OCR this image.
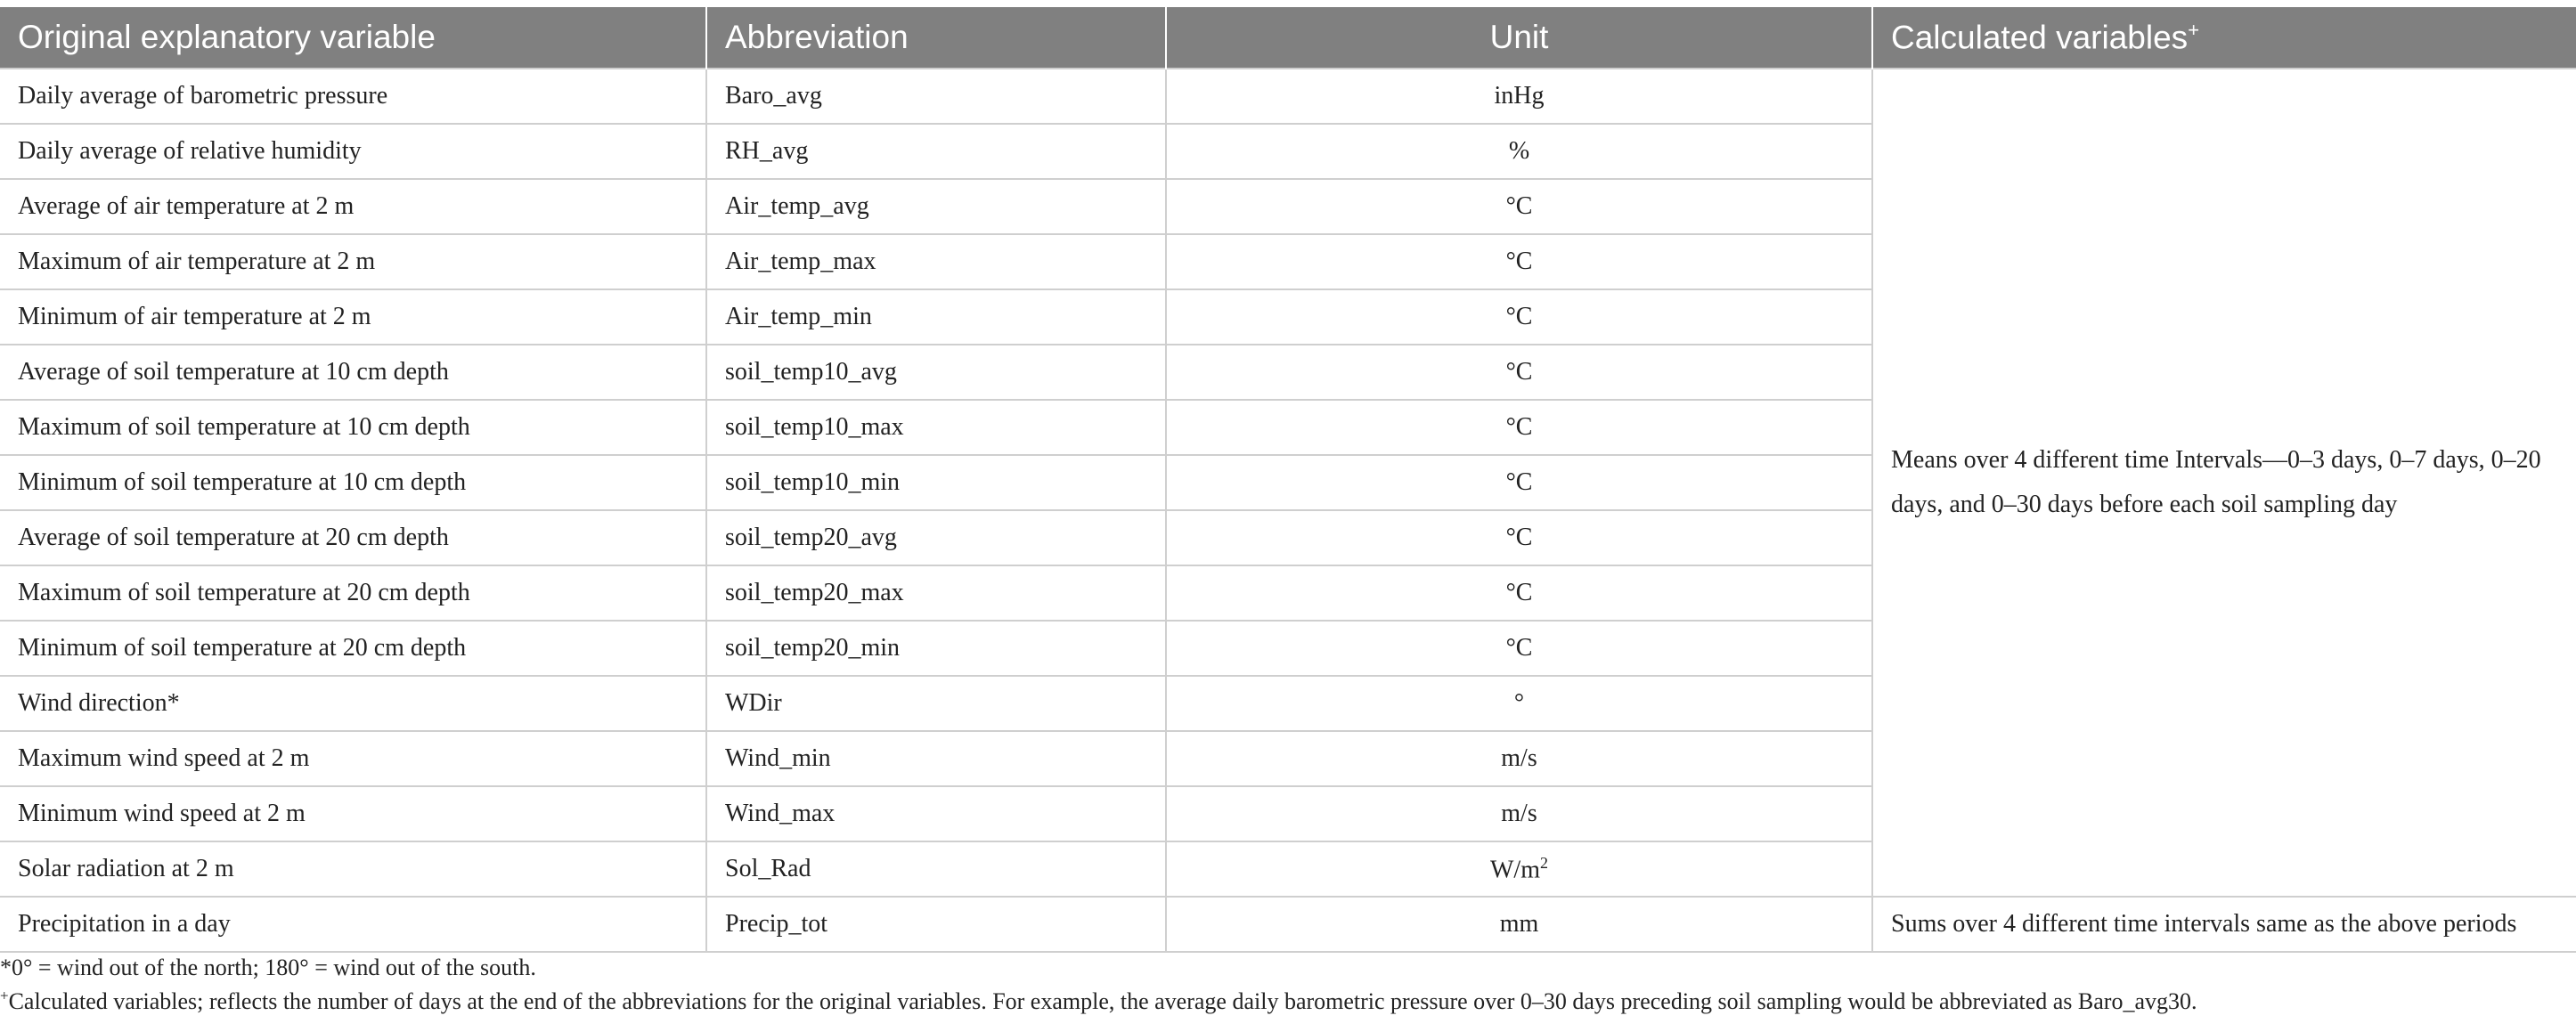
Original explanatory variable	Abbreviation	Unit	Calculated variables+
Daily average of barometric pressure	Baro_avg	inHg	Means over 4 different time Intervals—0–3 days, 0–7 days, 0–20 days, and 0–30 days before each soil sampling day
Daily average of relative humidity	RH_avg	%	
Average of air temperature at 2 m	Air_temp_avg	°C	
Maximum of air temperature at 2 m	Air_temp_max	°C	
Minimum of air temperature at 2 m	Air_temp_min	°C	
Average of soil temperature at 10 cm depth	soil_temp10_avg	°C	
Maximum of soil temperature at 10 cm depth	soil_temp10_max	°C	
Minimum of soil temperature at 10 cm depth	soil_temp10_min	°C	
Average of soil temperature at 20 cm depth	soil_temp20_avg	°C	
Maximum of soil temperature at 20 cm depth	soil_temp20_max	°C	
Minimum of soil temperature at 20 cm depth	soil_temp20_min	°C	
Wind direction*	WDir	°	
Maximum wind speed at 2 m	Wind_min	m/s	
Minimum wind speed at 2 m	Wind_max	m/s	
Solar radiation at 2 m	Sol_Rad	$W/m^2$
Precipitation in a day	Precip_tot	mm	Sums over 4 different time intervals same as the above periods
*0° = wind out of the north; 180° = wind out of the south.
+Calculated variables; reflects the number of days at the end of the abbreviations for the original variables. For example, the average daily barometric pressure over 0–30 days preceding soil sampling would be abbreviated as Baro_avg30.
